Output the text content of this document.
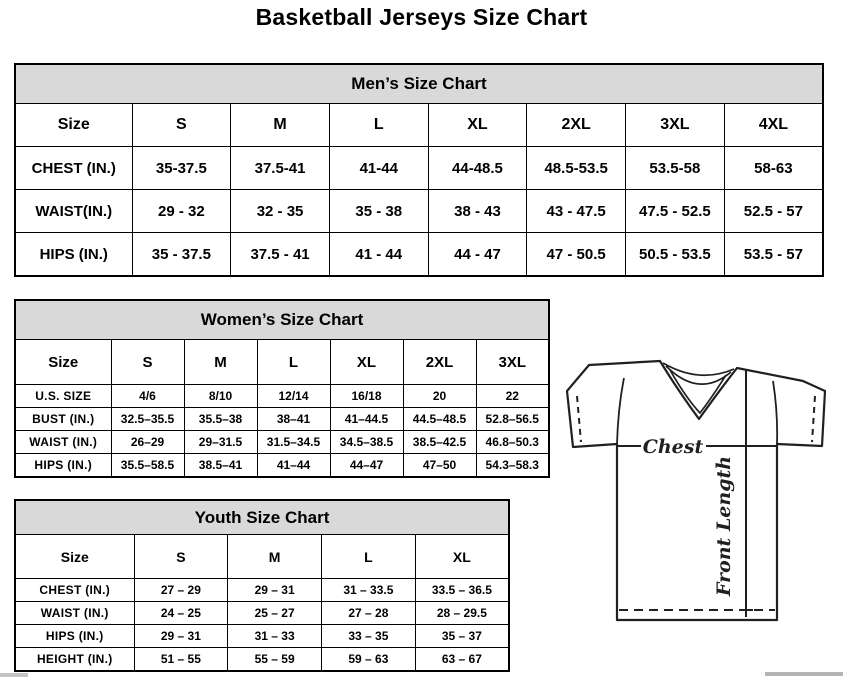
Basketball Jerseys Size Chart
Men’s Size Chart							
Size	S	M	L	XL	2XL	3XL	4XL
CHEST (IN.)	35-37.5	37.5-41	41-44	44-48.5	48.5-53.5	53.5-58	58-63
WAIST(IN.)	29 - 32	32 - 35	35 - 38	38 - 43	43 - 47.5	47.5 - 52.5	52.5 - 57
HIPS (IN.)	35 - 37.5	37.5 - 41	41 - 44	44 - 47	47 - 50.5	50.5 - 53.5	53.5 - 57
Women’s Size Chart						
Size	S	M	L	XL	2XL	3XL
U.S. SIZE	4/6	8/10	12/14	16/18	20	22
BUST (IN.)	32.5–35.5	35.5–38	38–41	41–44.5	44.5–48.5	52.8–56.5
WAIST (IN.)	26–29	29–31.5	31.5–34.5	34.5–38.5	38.5–42.5	46.8–50.3
HIPS (IN.)	35.5–58.5	38.5–41	41–44	44–47	47–50	54.3–58.3
Youth Size Chart				
Size	S	M	L	XL
CHEST (IN.)	27 – 29	29 – 31	31 – 33.5	33.5 – 36.5
WAIST (IN.)	24 – 25	25 – 27	27 – 28	28 – 29.5
HIPS (IN.)	29 – 31	31 – 33	33 – 35	35 – 37
HEIGHT (IN.)	51 – 55	55 – 59	59 – 63	63 – 67
Chest
Front Length
